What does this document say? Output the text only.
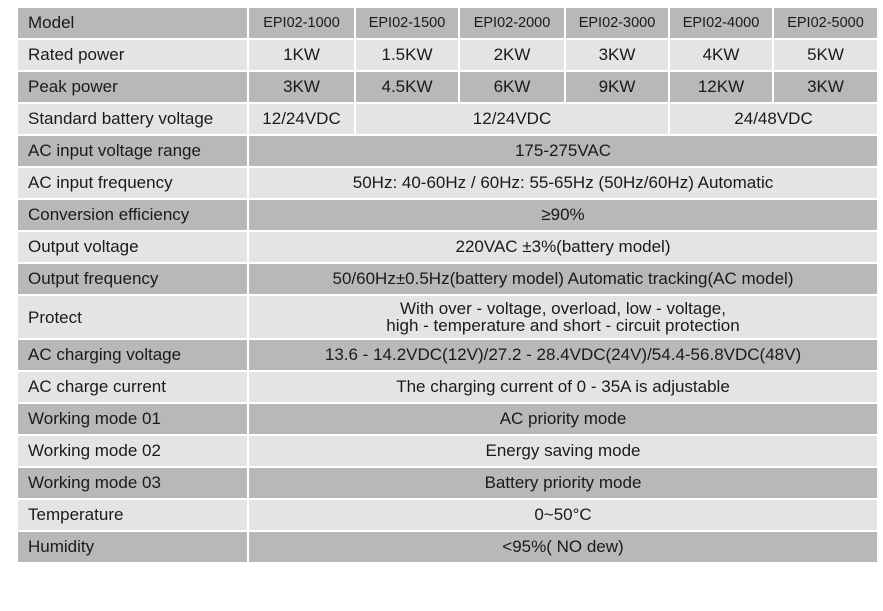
Model	EPI02-1000	EPI02-1500	EPI02-2000	EPI02-3000	EPI02-4000	EPI02-5000
Rated power	1KW	1.5KW	2KW	3KW	4KW	5KW
Peak power	3KW	4.5KW	6KW	9KW	12KW	3KW
Standard battery voltage	12/24VDC	12/24VDC			24/48VDC	
AC input voltage range	175-275VAC					
AC input frequency	50Hz: 40-60Hz / 60Hz: 55-65Hz (50Hz/60Hz) Automatic					
Conversion efficiency	≥90%					
Output voltage	220VAC ±3%(battery model)					
Output frequency	50/60Hz±0.5Hz(battery model) Automatic tracking(AC model)					
Protect	With over - voltage, overload, low - voltage,
high - temperature and short - circuit protection					

AC charging voltage	13.6 - 14.2VDC(12V)/27.2 - 28.4VDC(24V)/54.4-56.8VDC(48V)					
AC charge current	The charging current of 0 - 35A is adjustable					
Working mode 01	AC priority mode					
Working mode 02	Energy saving mode					
Working mode 03	Battery priority mode					
Temperature	0~50°C					
Humidity	<95%( NO dew)					
